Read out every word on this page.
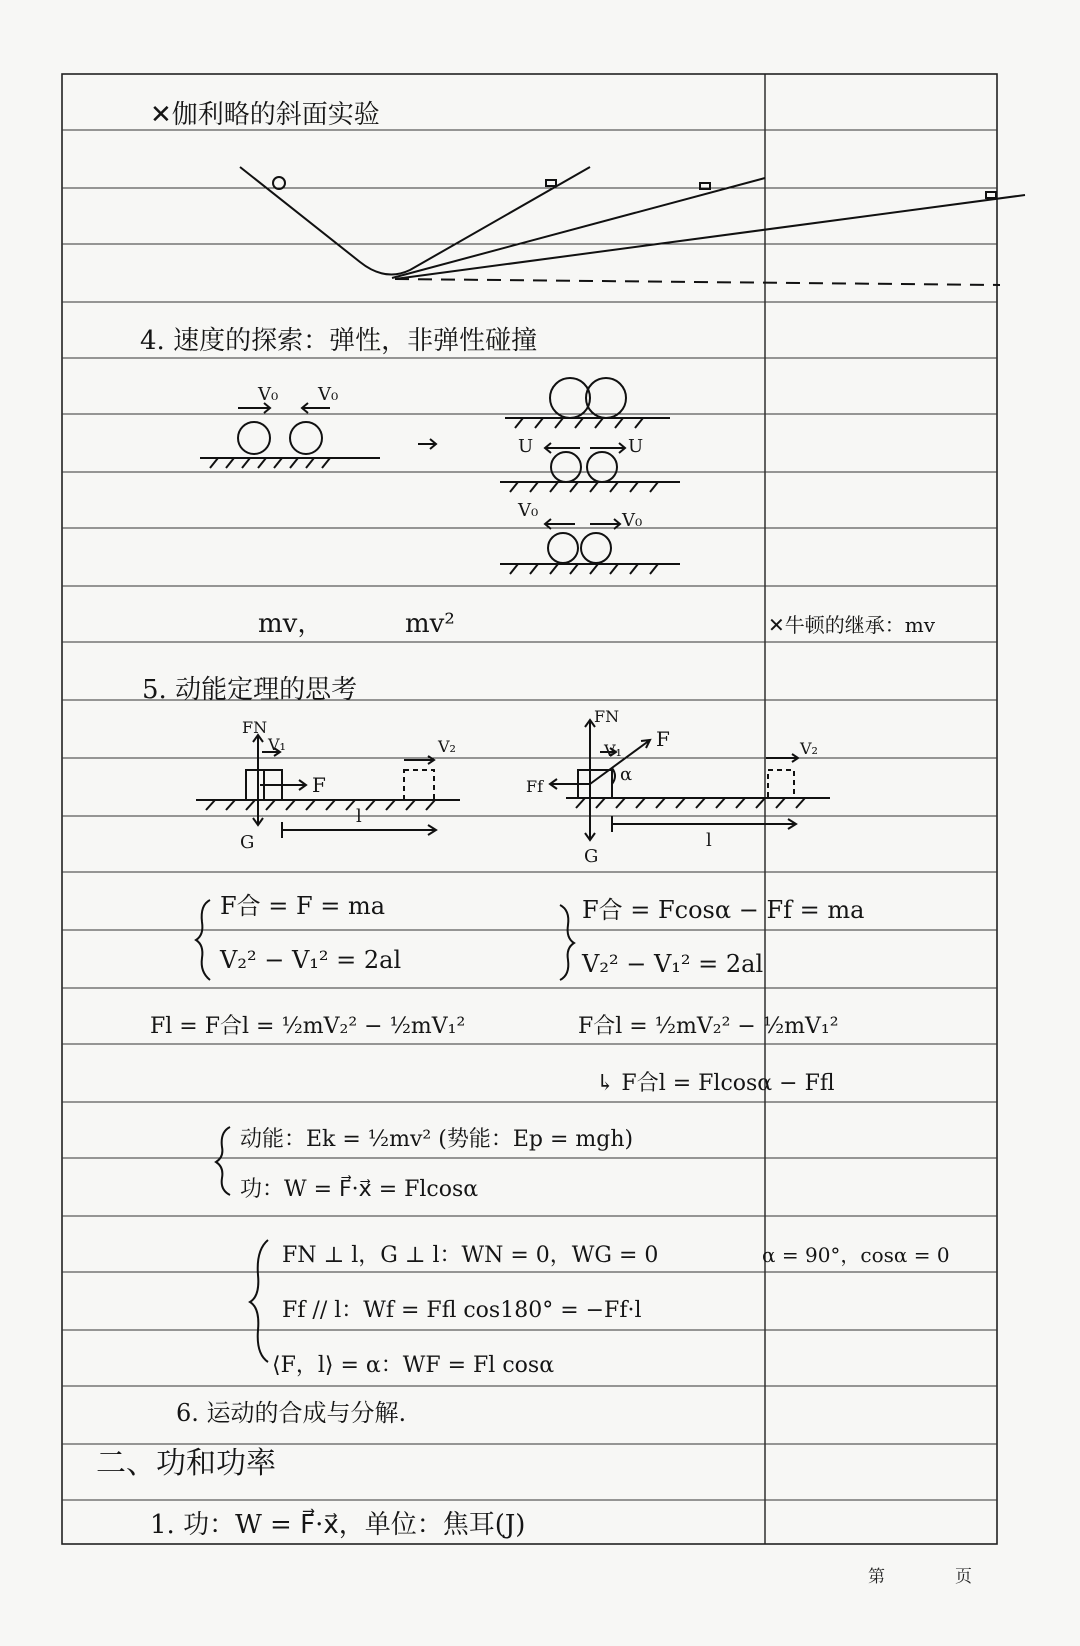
✕伽利略的斜面实验
4. 速度的探索：弹性，非弹性碰撞
V₀ V₀
U	U
V₀	V₀
mv，	mv²	✕牛顿的继承：mv
5. 动能定理的思考
FN
V₁
F
V₂
G
l
FN
V₁ F
α
Ff
V₂
G
l
F合 = F = ma
V₂² − V₁² = 2al
F合 = Fcosα − Ff = ma
V₂² − V₁² = 2al
Fl = F合l = ½mV₂² − ½mV₁²	F合l = ½mV₂² − ½mV₁²
↳ F合l = Flcosα − Ffl
动能：Ek = ½mv² (势能：Ep = mgh)
功：W = F⃗·x⃗ = Flcosα
FN ⊥ l，G ⊥ l：WN = 0，WG = 0	α = 90°，cosα = 0
Ff // l：Wf = Ffl cos180° = −Ff·l
⟨F，l⟩ = α：WF = Fl cosα
6. 运动的合成与分解.
二、功和功率
1. 功：W = F⃗·x⃗，单位：焦耳(J)
第	页
